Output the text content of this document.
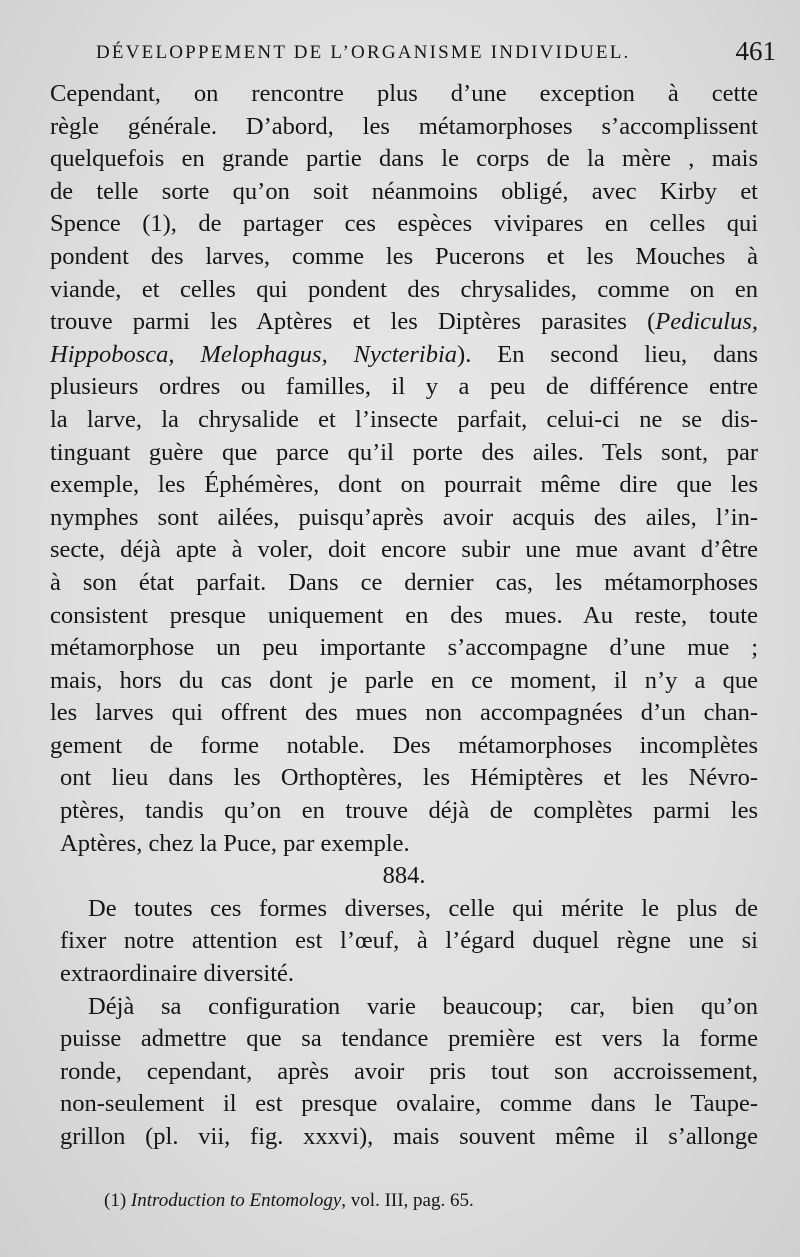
DÉVELOPPEMENT DE L’ORGANISME INDIVIDUEL.	461
Cependant, on rencontre plus d’une exception à cette
règle générale. D’abord, les métamorphoses s’accomplissent
quelquefois en grande partie dans le corps de la mère , mais
de telle sorte qu’on soit néanmoins obligé, avec Kirby et
Spence (1), de partager ces espèces vivipares en celles qui
pondent des larves, comme les Pucerons et les Mouches à
viande, et celles qui pondent des chrysalides, comme on en
trouve parmi les Aptères et les Diptères parasites (Pediculus,
Hippobosca, Melophagus, Nycteribia). En second lieu, dans
plusieurs ordres ou familles, il y a peu de différence entre
la larve, la chrysalide et l’insecte parfait, celui-ci ne se dis-
tinguant guère que parce qu’il porte des ailes. Tels sont, par
exemple, les Éphémères, dont on pourrait même dire que les
nymphes sont ailées, puisqu’après avoir acquis des ailes, l’in-
secte, déjà apte à voler, doit encore subir une mue avant d’être
à son état parfait. Dans ce dernier cas, les métamorphoses
consistent presque uniquement en des mues. Au reste, toute
métamorphose un peu importante s’accompagne d’une mue ;
mais, hors du cas dont je parle en ce moment, il n’y a que
les larves qui offrent des mues non accompagnées d’un chan-
gement de forme notable. Des métamorphoses incomplètes
ont lieu dans les Orthoptères, les Hémiptères et les Névro-
ptères, tandis qu’on en trouve déjà de complètes parmi les
Aptères, chez la Puce, par exemple.
884.
De toutes ces formes diverses, celle qui mérite le plus de
fixer notre attention est l’œuf, à l’égard duquel règne une si
extraordinaire diversité.
Déjà sa configuration varie beaucoup; car, bien qu’on
puisse admettre que sa tendance première est vers la forme
ronde, cependant, après avoir pris tout son accroissement,
non-seulement il est presque ovalaire, comme dans le Taupe-
grillon (pl. vii, fig. xxxvi), mais souvent même il s’allonge
(1) Introduction to Entomology, vol. III, pag. 65.
